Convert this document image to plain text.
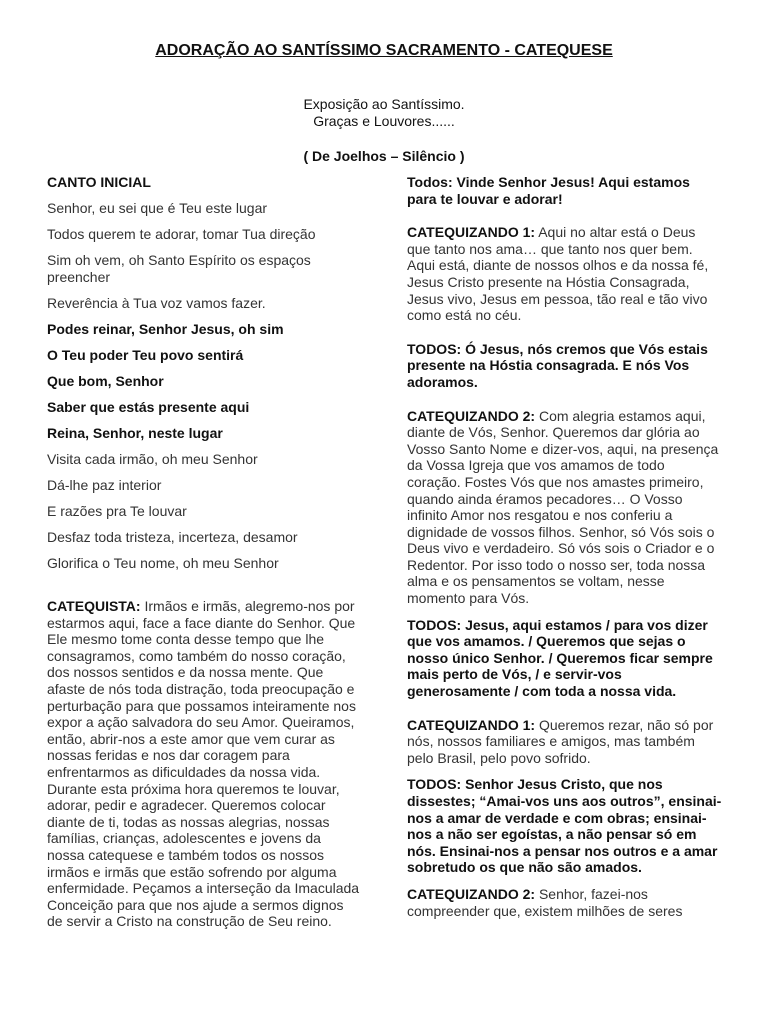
ADORAÇÃO AO SANTÍSSIMO SACRAMENTO - CATEQUESE
Exposição ao Santíssimo.
Graças e Louvores......
( De Joelhos – Silêncio )
CANTO INICIAL
Senhor, eu sei que é Teu este lugar
Todos querem te adorar, tomar Tua direção
Sim oh vem, oh Santo Espírito os espaços preencher
Reverência à Tua voz vamos fazer.
Podes reinar, Senhor Jesus, oh sim
O Teu poder Teu povo sentirá
Que bom, Senhor
Saber que estás presente aqui
Reina, Senhor, neste lugar
Visita cada irmão, oh meu Senhor
Dá-lhe paz interior
E razões pra Te louvar
Desfaz toda tristeza, incerteza, desamor
Glorifica o Teu nome, oh meu Senhor

CATEQUISTA: Irmãos e irmãs, alegremo-nos por estarmos aqui, face a face diante do Senhor. Que Ele mesmo tome conta desse tempo que lhe consagramos, como também do nosso coração, dos nossos sentidos e da nossa mente. Que afaste de nós toda distração, toda preocupação e perturbação para que possamos inteiramente nos expor a ação salvadora do seu Amor. Queiramos, então, abrir-nos a este amor que vem curar as nossas feridas e nos dar coragem para enfrentarmos as dificuldades da nossa vida. Durante esta próxima hora queremos te louvar, adorar, pedir e agradecer. Queremos colocar diante de ti, todas as nossas alegrias, nossas famílias, crianças, adolescentes e jovens da nossa catequese e também todos os nossos irmãos e irmãs que estão sofrendo por alguma enfermidade. Peçamos a interseção da Imaculada Conceição para que nos ajude a sermos dignos de servir a Cristo na construção de Seu reino.

Todos: Vinde Senhor Jesus! Aqui estamos para te louvar e adorar!

CATEQUIZANDO 1: Aqui no altar está o Deus que tanto nos ama… que tanto nos quer bem. Aqui está, diante de nossos olhos e da nossa fé, Jesus Cristo presente na Hóstia Consagrada, Jesus vivo, Jesus em pessoa, tão real e tão vivo como está no céu.

TODOS: Ó Jesus, nós cremos que Vós estais presente na Hóstia consagrada. E nós Vos adoramos.

CATEQUIZANDO 2: Com alegria estamos aqui, diante de Vós, Senhor. Queremos dar glória ao Vosso Santo Nome e dizer-vos, aqui, na presença da Vossa Igreja que vos amamos de todo coração. Fostes Vós que nos amastes primeiro, quando ainda éramos pecadores… O Vosso infinito Amor nos resgatou e nos conferiu a dignidade de vossos filhos. Senhor, só Vós sois o Deus vivo e verdadeiro. Só vós sois o Criador e o Redentor. Por isso todo o nosso ser, toda nossa alma e os pensamentos se voltam, nesse momento para Vós.

TODOS: Jesus, aqui estamos / para vos dizer que vos amamos. / Queremos que sejas o nosso único Senhor. / Queremos ficar sempre mais perto de Vós, / e servir-vos generosamente / com toda a nossa vida.

CATEQUIZANDO 1: Queremos rezar, não só por nós, nossos familiares e amigos, mas também pelo Brasil, pelo povo sofrido.

TODOS: Senhor Jesus Cristo, que nos dissestes; “Amai-vos uns aos outros”, ensinai-nos a amar de verdade e com obras; ensinai-nos a não ser egoístas, a não pensar só em nós. Ensinai-nos a pensar nos outros e a amar sobretudo os que não são amados.

CATEQUIZANDO 2: Senhor, fazei-nos compreender que, existem milhões de seres
